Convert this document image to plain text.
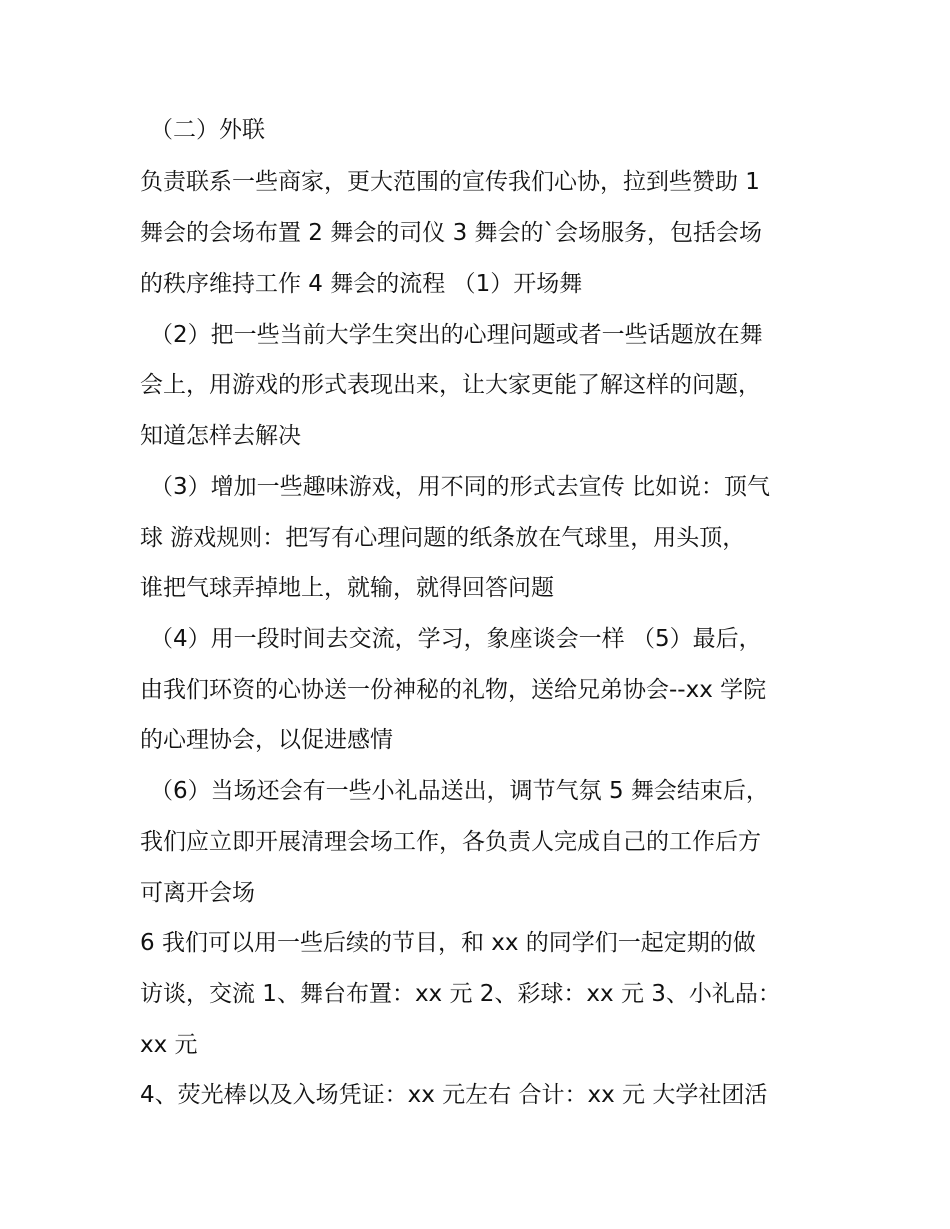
（二）外联
负责联系一些商家，更大范围的宣传我们心协，拉到些赞助 1
舞会的会场布置 2 舞会的司仪 3 舞会的`会场服务，包括会场
的秩序维持工作 4 舞会的流程 （1）开场舞
（2）把一些当前大学生突出的心理问题或者一些话题放在舞
会上，用游戏的形式表现出来，让大家更能了解这样的问题，
知道怎样去解决
（3）增加一些趣味游戏，用不同的形式去宣传 比如说：顶气
球 游戏规则：把写有心理问题的纸条放在气球里，用头顶，
谁把气球弄掉地上，就输，就得回答问题
（4）用一段时间去交流，学习，象座谈会一样 （5）最后，
由我们环资的心协送一份神秘的礼物，送给兄弟协会--xx 学院
的心理协会，以促进感情
（6）当场还会有一些小礼品送出，调节气氛 5 舞会结束后，
我们应立即开展清理会场工作，各负责人完成自己的工作后方
可离开会场
6 我们可以用一些后续的节目，和 xx 的同学们一起定期的做
访谈，交流 1、舞台布置：xx 元 2、彩球：xx 元 3、小礼品：
xx 元
4、荧光棒以及入场凭证：xx 元左右 合计：xx 元 大学社团活
